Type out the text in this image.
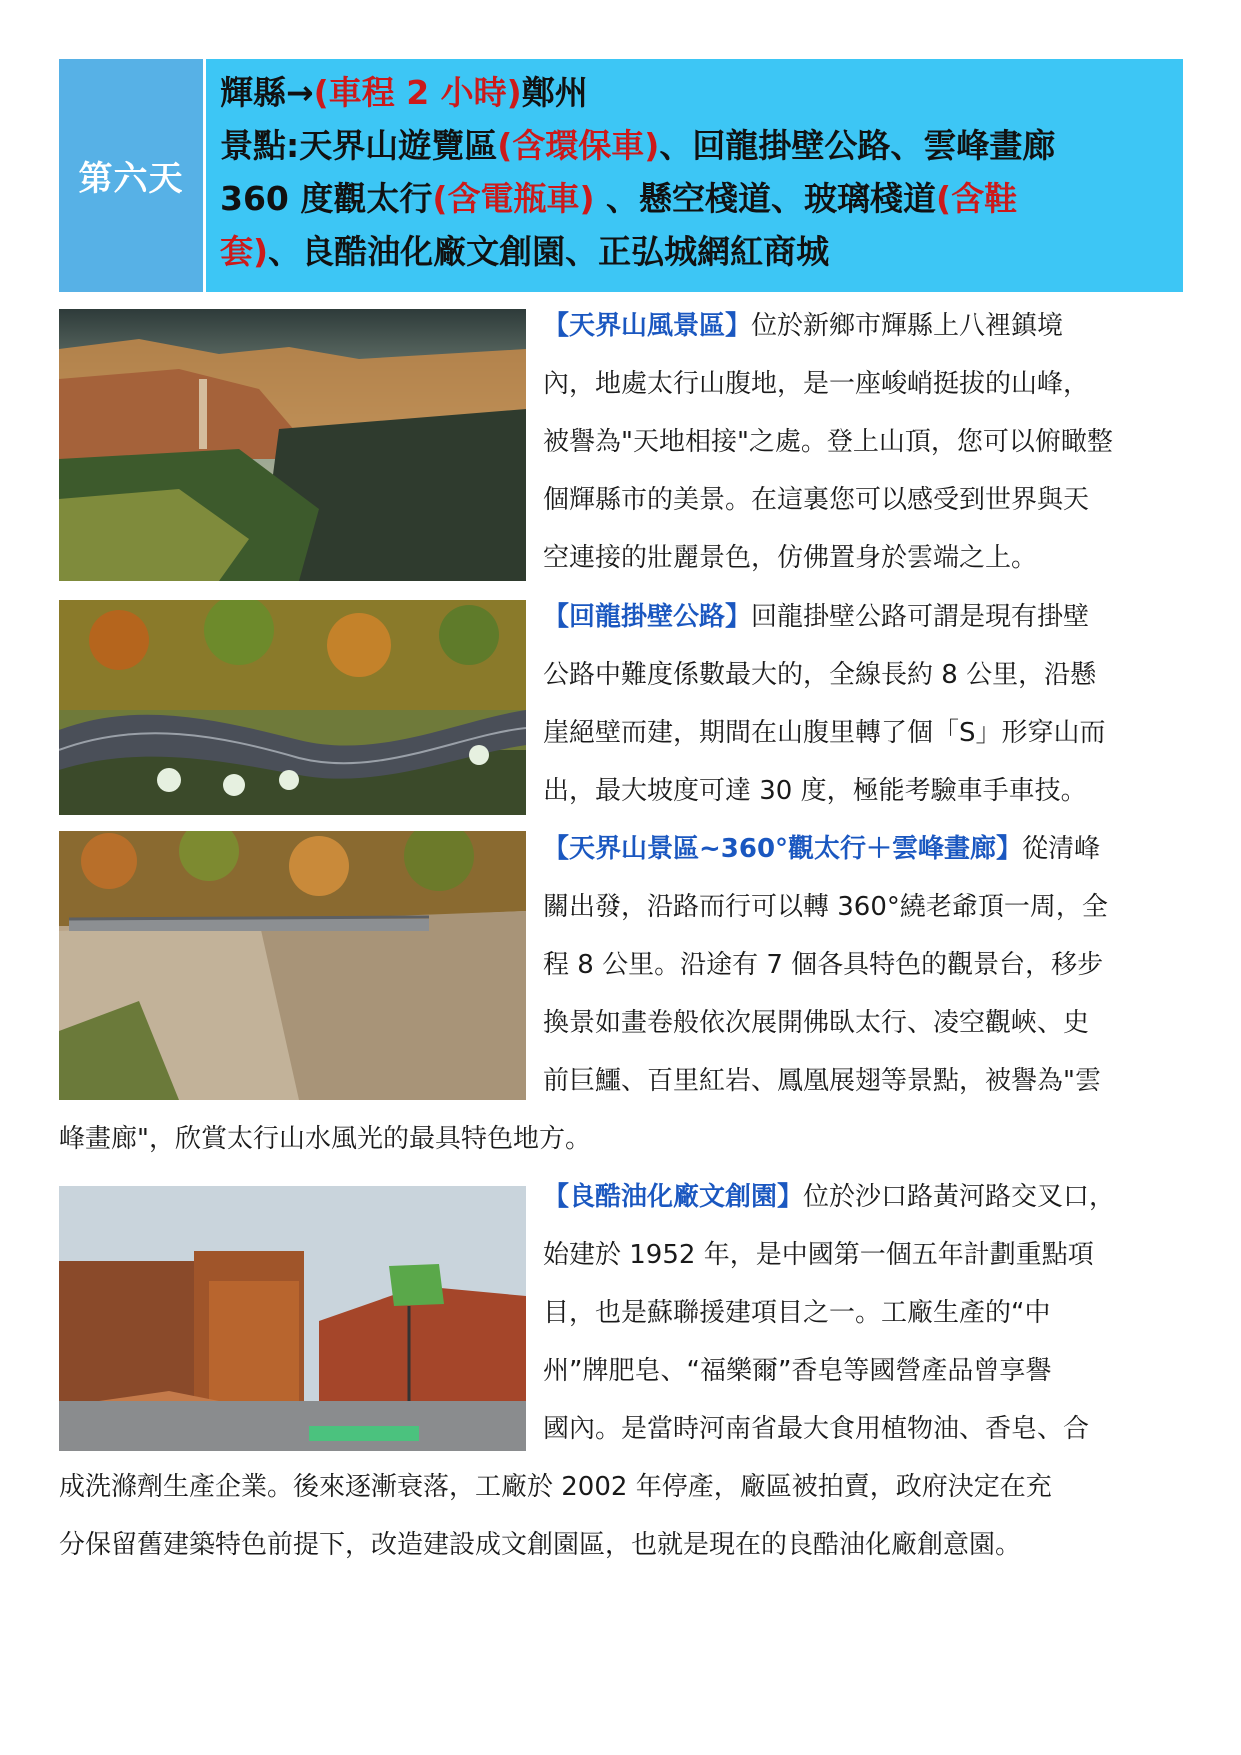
第六天
輝縣→(車程 2 小時)鄭州
景點:天界山遊覽區(含環保車)、回龍掛壁公路、雲峰畫廊
360 度觀太行(含電瓶車) 、懸空棧道、玻璃棧道(含鞋
套)、良酷油化廠文創園、正弘城網紅商城
【天界山風景區】位於新鄉市輝縣上八裡鎮境
內，地處太行山腹地，是一座峻峭挺拔的山峰，
被譽為"天地相接"之處。登上山頂，您可以俯瞰整
個輝縣市的美景。在這裏您可以感受到世界與天
空連接的壯麗景色，仿佛置身於雲端之上。
【回龍掛壁公路】回龍掛壁公路可謂是現有掛壁
公路中難度係數最大的，全線長約 8 公里，沿懸
崖絕壁而建，期間在山腹里轉了個「S」形穿山而
出，最大坡度可達 30 度，極能考驗車手車技。
【天界山景區~360°觀太行＋雲峰畫廊】從清峰
關出發，沿路而行可以轉 360°繞老爺頂一周，全
程 8 公里。沿途有 7 個各具特色的觀景台，移步
換景如畫卷般依次展開佛臥太行、凌空觀峽、史
前巨鱷、百里紅岩、鳳凰展翅等景點，被譽為"雲
峰畫廊"，欣賞太行山水風光的最具特色地方。
【良酷油化廠文創園】位於沙口路黃河路交叉口，
始建於 1952 年，是中國第一個五年計劃重點項
目，也是蘇聯援建項目之一。工廠生產的“中
州”牌肥皂、“福樂爾”香皂等國營產品曾享譽
國內。是當時河南省最大食用植物油、香皂、合
成洗滌劑生產企業。後來逐漸衰落，工廠於 2002 年停產，廠區被拍賣，政府決定在充
分保留舊建築特色前提下，改造建設成文創園區，也就是現在的良酷油化廠創意園。
